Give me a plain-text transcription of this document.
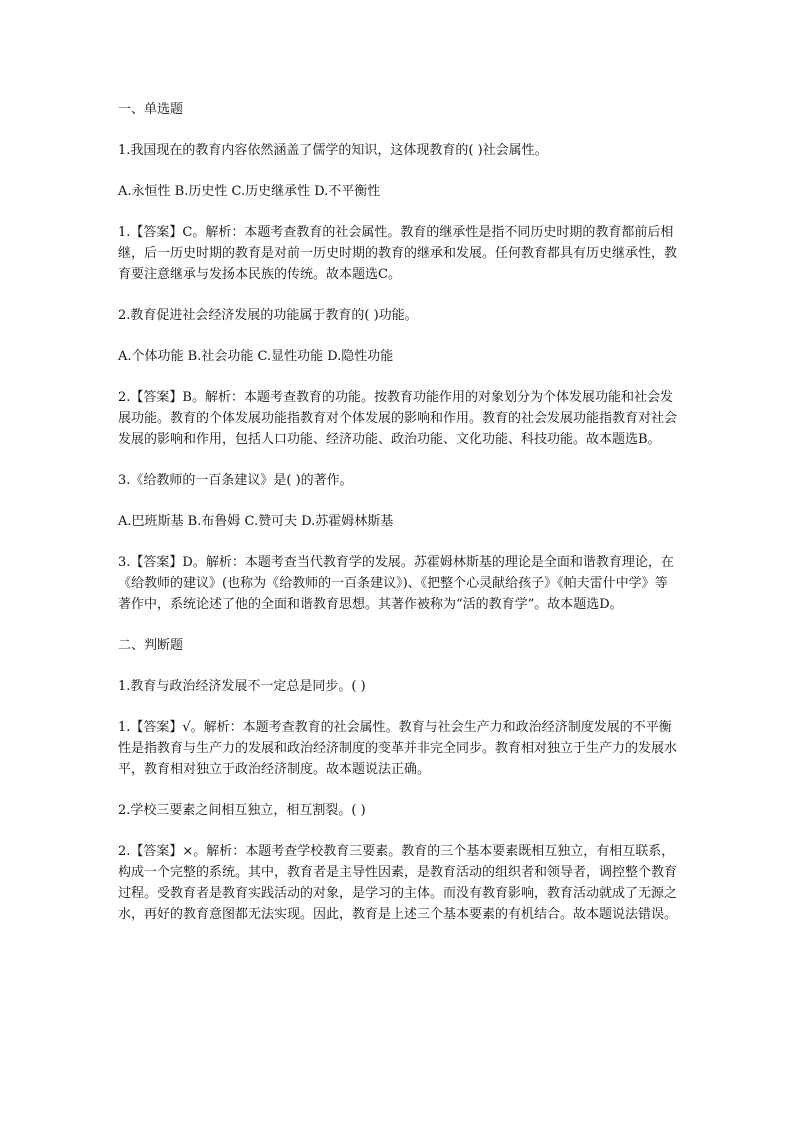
一、单选题

1.我国现在的教育内容依然涵盖了儒学的知识，这体现教育的( )社会属性。

A.永恒性 B.历史性 C.历史继承性 D.不平衡性

1.【答案】C。解析：本题考查教育的社会属性。教育的继承性是指不同历史时期的教育都前后相继，后一历史时期的教育是对前一历史时期的教育的继承和发展。任何教育都具有历史继承性，教育要注意继承与发扬本民族的传统。故本题选C。

2.教育促进社会经济发展的功能属于教育的( )功能。

A.个体功能 B.社会功能 C.显性功能 D.隐性功能

2.【答案】B。解析：本题考查教育的功能。按教育功能作用的对象划分为个体发展功能和社会发展功能。教育的个体发展功能指教育对个体发展的影响和作用。教育的社会发展功能指教育对社会发展的影响和作用，包括人口功能、经济功能、政治功能、文化功能、科技功能。故本题选B。

3.《给教师的一百条建议》是( )的著作。

A.巴班斯基 B.布鲁姆 C.赞可夫 D.苏霍姆林斯基

3.【答案】D。解析：本题考查当代教育学的发展。苏霍姆林斯基的理论是全面和谐教育理论，在《给教师的建议》(也称为《给教师的一百条建议》)、《把整个心灵献给孩子》《帕夫雷什中学》等著作中，系统论述了他的全面和谐教育思想。其著作被称为“活的教育学”。故本题选D。

二、判断题

1.教育与政治经济发展不一定总是同步。( )

1.【答案】√。解析：本题考查教育的社会属性。教育与社会生产力和政治经济制度发展的不平衡性是指教育与生产力的发展和政治经济制度的变革并非完全同步。教育相对独立于生产力的发展水平，教育相对独立于政治经济制度。故本题说法正确。

2.学校三要素之间相互独立，相互割裂。( )

2.【答案】×。解析：本题考查学校教育三要素。教育的三个基本要素既相互独立，有相互联系，构成一个完整的系统。其中，教育者是主导性因素，是教育活动的组织者和领导者，调控整个教育过程。受教育者是教育实践活动的对象，是学习的主体。而没有教育影响，教育活动就成了无源之水，再好的教育意图都无法实现。因此，教育是上述三个基本要素的有机结合。故本题说法错误。
